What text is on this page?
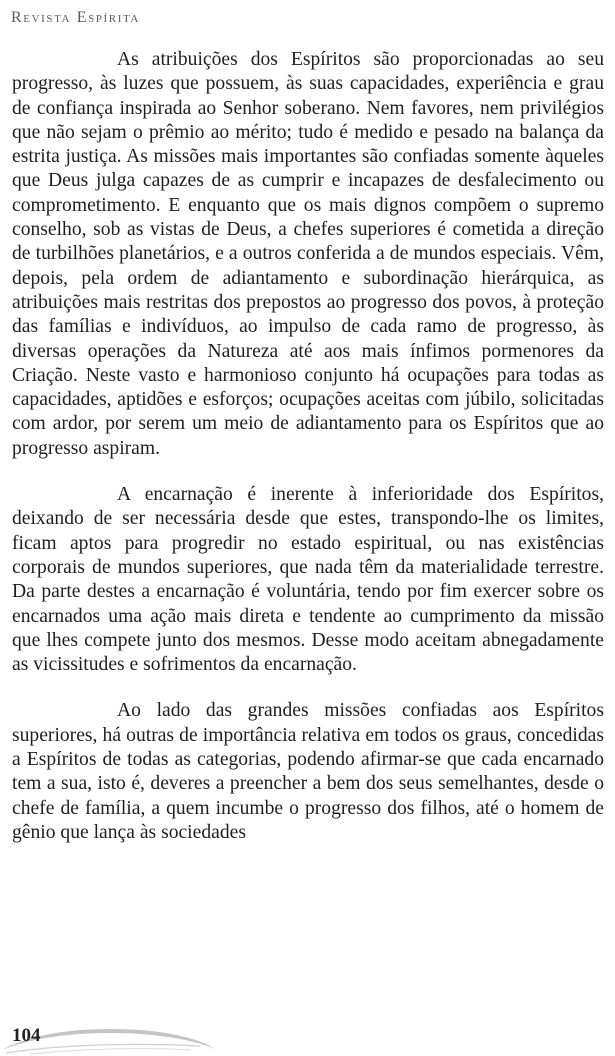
Revista Espírita

As atribuições dos Espíritos são proporcionadas ao seu progresso, às luzes que possuem, às suas capacidades, experiência e grau de confiança inspirada ao Senhor soberano. Nem favores, nem privilégios que não sejam o prêmio ao mérito; tudo é medido e pesado na balança da estrita justiça. As missões mais importantes são confiadas somente àqueles que Deus julga capazes de as cumprir e incapazes de desfalecimento ou comprometimento. E enquanto que os mais dignos compõem o supremo conselho, sob as vistas de Deus, a chefes superiores é cometida a direção de turbilhões planetários, e a outros conferida a de mundos especiais. Vêm, depois, pela ordem de adiantamento e subordinação hierárquica, as atribuições mais restritas dos prepostos ao progresso dos povos, à proteção das famílias e indivíduos, ao impulso de cada ramo de progresso, às diversas operações da Natureza até aos mais ínfimos pormenores da Criação. Neste vasto e harmonioso conjunto há ocupações para todas as capacidades, aptidões e esforços; ocupações aceitas com júbilo, solicitadas com ardor, por serem um meio de adiantamento para os Espíritos que ao progresso aspiram.

A encarnação é inerente à inferioridade dos Espíritos, deixando de ser necessária desde que estes, transpondo-lhe os limites, ficam aptos para progredir no estado espiritual, ou nas existências corporais de mundos superiores, que nada têm da materialidade terrestre. Da parte destes a encarnação é voluntária, tendo por fim exercer sobre os encarnados uma ação mais direta e tendente ao cumprimento da missão que lhes compete junto dos mesmos. Desse modo aceitam abnegadamente as vicissitudes e sofrimentos da encarnação.

Ao lado das grandes missões confiadas aos Espíritos superiores, há outras de importância relativa em todos os graus, concedidas a Espíritos de todas as categorias, podendo afirmar-se que cada encarnado tem a sua, isto é, deveres a preencher a bem dos seus semelhantes, desde o chefe de família, a quem incumbe o progresso dos filhos, até o homem de gênio que lança às sociedades

104
